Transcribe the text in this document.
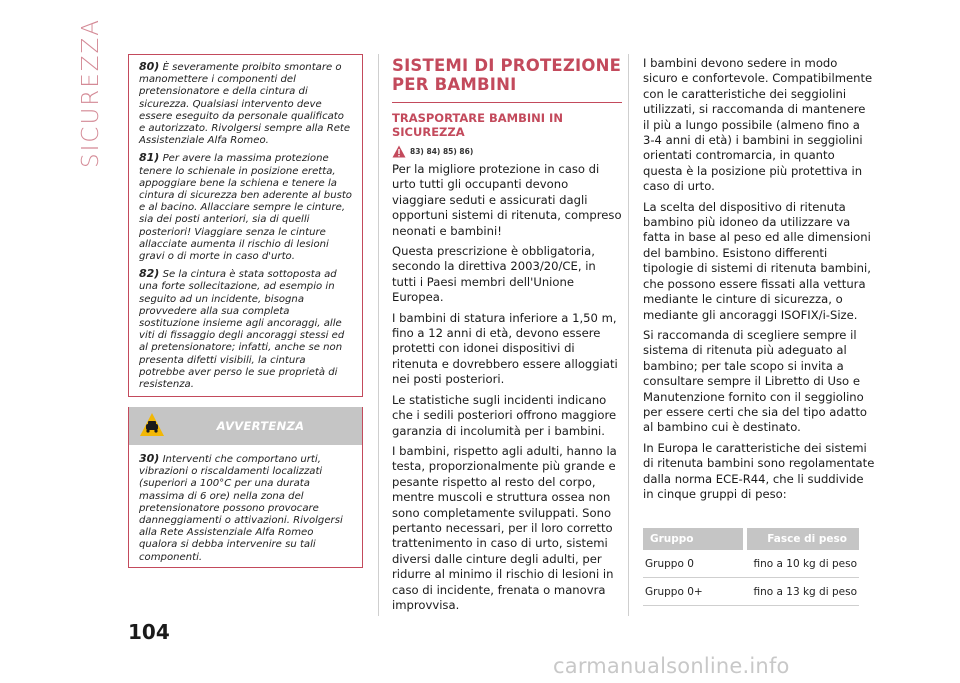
SICUREZZA	80) È severamente proibito smontare o manomettere i componenti del pretensionatore e della cintura di sicurezza. Qualsiasi intervento deve essere eseguito da personale qualificato e autorizzato. Rivolgersi sempre alla Rete Assistenziale Alfa Romeo.

81) Per avere la massima protezione tenere lo schienale in posizione eretta, appoggiare bene la schiena e tenere la cintura di sicurezza ben aderente al busto e al bacino. Allacciare sempre le cinture, sia dei posti anteriori, sia di quelli posteriori! Viaggiare senza le cinture allacciate aumenta il rischio di lesioni gravi o di morte in caso d'urto.

82) Se la cintura è stata sottoposta ad una forte sollecitazione, ad esempio in seguito ad un incidente, bisogna provvedere alla sua completa sostituzione insieme agli ancoraggi, alle viti di fissaggio degli ancoraggi stessi ed al pretensionatore; infatti, anche se non presenta difetti visibili, la cintura potrebbe aver perso le sue proprietà di resistenza.

AVVERTENZA
30) Interventi che comportano urti, vibrazioni o riscaldamenti localizzati (superiori a 100°C per una durata massima di 6 ore) nella zona del pretensionatore possono provocare danneggiamenti o attivazioni. Rivolgersi alla Rete Assistenziale Alfa Romeo qualora si debba intervenire su tali componenti.
104
SISTEMI DI PROTEZIONE PER BAMBINI
TRASPORTARE BAMBINI IN SICUREZZA
83) 84) 85) 86)

Per la migliore protezione in caso di urto tutti gli occupanti devono viaggiare seduti e assicurati dagli opportuni sistemi di ritenuta, compreso neonati e bambini!

Questa prescrizione è obbligatoria, secondo la direttiva 2003/20/CE, in tutti i Paesi membri dell'Unione Europea.

I bambini di statura inferiore a 1,50 m, fino a 12 anni di età, devono essere protetti con idonei dispositivi di ritenuta e dovrebbero essere alloggiati nei posti posteriori.

Le statistiche sugli incidenti indicano che i sedili posteriori offrono maggiore garanzia di incolumità per i bambini.

I bambini, rispetto agli adulti, hanno la testa, proporzionalmente più grande e pesante rispetto al resto del corpo, mentre muscoli e struttura ossea non sono completamente sviluppati. Sono pertanto necessari, per il loro corretto trattenimento in caso di urto, sistemi diversi dalle cinture degli adulti, per ridurre al minimo il rischio di lesioni in caso di incidente, frenata o manovra improvvisa.

I bambini devono sedere in modo sicuro e confortevole. Compatibilmente con le caratteristiche dei seggiolini utilizzati, si raccomanda di mantenere il più a lungo possibile (almeno fino a 3-4 anni di età) i bambini in seggiolini orientati contromarcia, in quanto questa è la posizione più protettiva in caso di urto.

La scelta del dispositivo di ritenuta bambino più idoneo da utilizzare va fatta in base al peso ed alle dimensioni del bambino. Esistono differenti tipologie di sistemi di ritenuta bambini, che possono essere fissati alla vettura mediante le cinture di sicurezza, o mediante gli ancoraggi ISOFIX/i-Size.

Si raccomanda di scegliere sempre il sistema di ritenuta più adeguato al bambino; per tale scopo si invita a consultare sempre il Libretto di Uso e Manutenzione fornito con il seggiolino per essere certi che sia del tipo adatto al bambino cui è destinato.

In Europa le caratteristiche dei sistemi di ritenuta bambini sono regolamentate dalla norma ECE-R44, che li suddivide in cinque gruppi di peso:

Gruppo	Fasce di peso
Gruppo 0	fino a 10 kg di peso
Gruppo 0+	fino a 13 kg di peso
carmanualsonline.info
